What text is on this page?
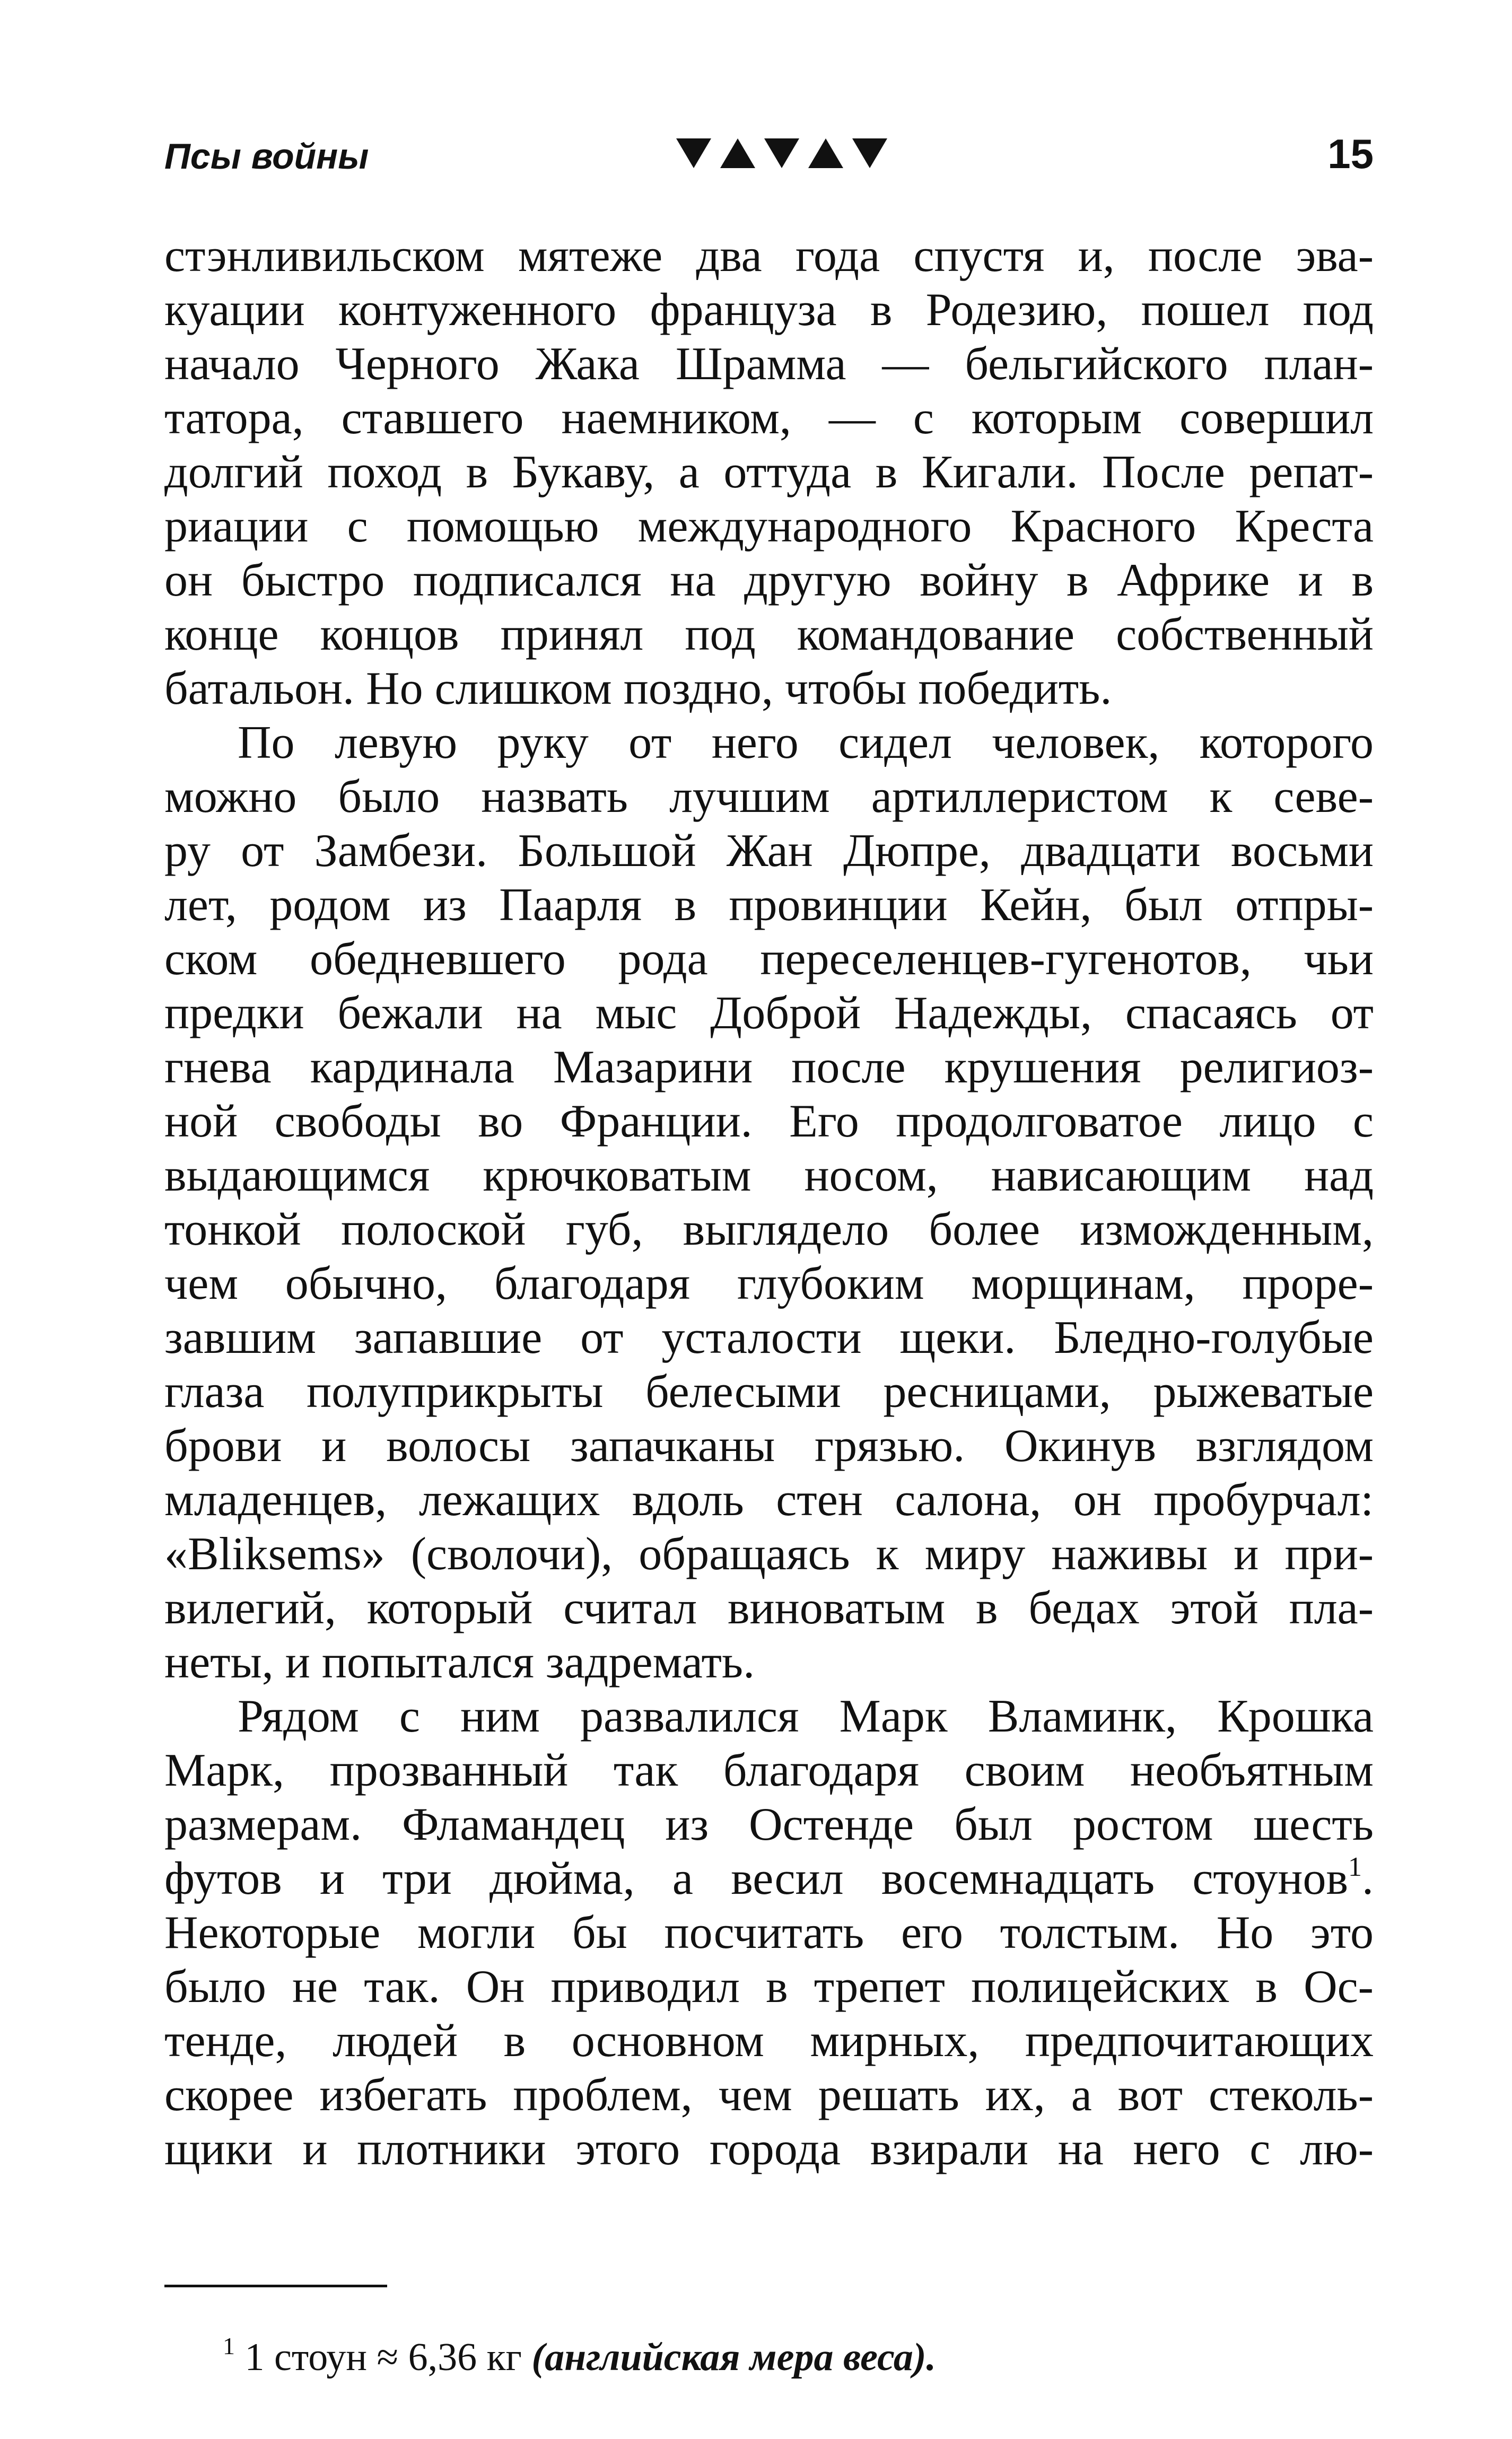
Псы войны	15
стэнливильском мятеже два года спустя и, после эва-
куации контуженного француза в Родезию, пошел под
начало Черного Жака Шрамма — бельгийского план-
татора, ставшего наемником, — с которым совершил
долгий поход в Букаву, а оттуда в Кигали. После репат-
риации с помощью международного Красного Креста
он быстро подписался на другую войну в Африке и в
конце концов принял под командование собственный
батальон. Но слишком поздно, чтобы победить.
По левую руку от него сидел человек, которого
можно было назвать лучшим артиллеристом к севе-
ру от Замбези. Большой Жан Дюпре, двадцати восьми
лет, родом из Паарля в провинции Кейн, был отпры-
ском обедневшего рода переселенцев-гугенотов, чьи
предки бежали на мыс Доброй Надежды, спасаясь от
гнева кардинала Мазарини после крушения религиоз-
ной свободы во Франции. Его продолговатое лицо с
выдающимся крючковатым носом, нависающим над
тонкой полоской губ, выглядело более изможденным,
чем обычно, благодаря глубоким морщинам, проре-
завшим запавшие от усталости щеки. Бледно-голубые
глаза полуприкрыты белесыми ресницами, рыжеватые
брови и волосы запачканы грязью. Окинув взглядом
младенцев, лежащих вдоль стен салона, он пробурчал:
«Bliksems» (сволочи), обращаясь к миру наживы и при-
вилегий, который считал виноватым в бедах этой пла-
неты, и попытался задремать.
Рядом с ним развалился Марк Вламинк, Крошка
Марк, прозванный так благодаря своим необъятным
размерам. Фламандец из Остенде был ростом шесть
футов и три дюйма, а весил восемнадцать стоунов$^1$.
Некоторые могли бы посчитать его толстым. Но это
было не так. Он приводил в трепет полицейских в Ос-
тенде, людей в основном мирных, предпочитающих
скорее избегать проблем, чем решать их, а вот стеколь-
щики и плотники этого города взирали на него с лю-
$^1$ 1 стоун ≈ 6,36 кг (английская мера веса).
